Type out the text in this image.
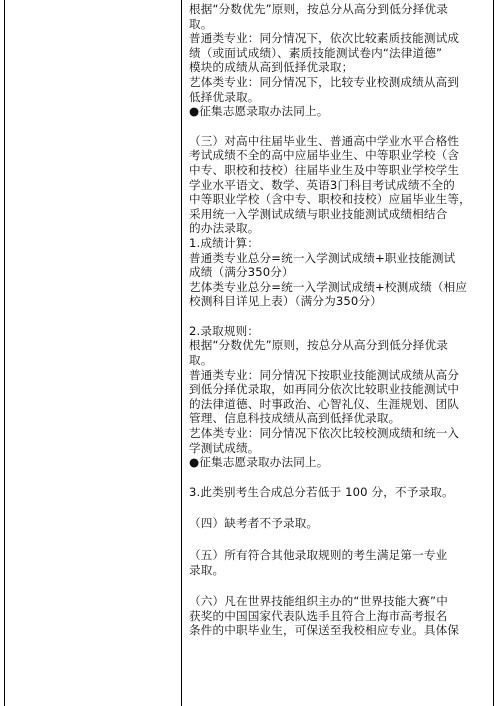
根据“分数优先”原则，按总分从高分到低分择优录
取。
普通类专业：同分情况下，依次比较素质技能测试成
绩（或面试成绩）、素质技能测试卷内“法律道德”
模块的成绩从高到低择优录取；
艺体类专业：同分情况下，比较专业校测成绩从高到
低择优录取。
●征集志愿录取办法同上。
（三）对高中往届毕业生、普通高中学业水平合格性
考试成绩不全的高中应届毕业生、中等职业学校（含
中专、职校和技校）往届毕业生及中等职业学校学生
学业水平语文、数学、英语3门科目考试成绩不全的
中等职业学校（含中专、职校和技校）应届毕业生等，
采用统一入学测试成绩与职业技能测试成绩相结合
的办法录取。
1.成绩计算：
普通类专业总分=统一入学测试成绩+职业技能测试
成绩（满分350分）
艺体类专业总分=统一入学测试成绩+校测成绩（相应
校测科目详见上表）（满分为350分）
2.录取规则：
根据“分数优先”原则，按总分从高分到低分择优录
取。
普通类专业：同分情况下按职业技能测试成绩从高分
到低分择优录取，如再同分依次比较职业技能测试中
的法律道德、时事政治、心智礼仪、生涯规划、团队
管理、信息科技成绩从高到低择优录取。
艺体类专业：同分情况下依次比较校测成绩和统一入
学测试成绩。
●征集志愿录取办法同上。
3.此类别考生合成总分若低于 100 分，不予录取。
（四）缺考者不予录取。
（五）所有符合其他录取规则的考生满足第一专业
录取。
（六）凡在世界技能组织主办的“世界技能大赛”中
获奖的中国国家代表队选手且符合上海市高考报名
条件的中职毕业生，可保送至我校相应专业。具体保
